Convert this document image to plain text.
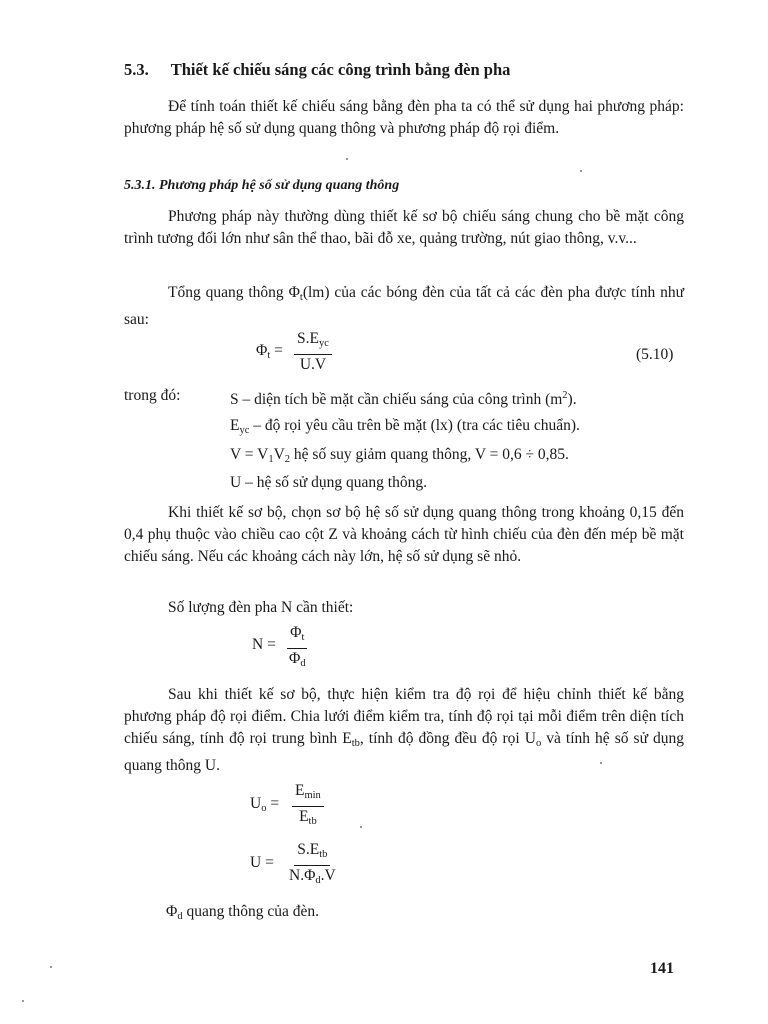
5.3. Thiết kế chiếu sáng các công trình bằng đèn pha
Để tính toán thiết kế chiếu sáng bằng đèn pha ta có thể sử dụng hai phương pháp: phương pháp hệ số sử dụng quang thông và phương pháp độ rọi điểm.
5.3.1. Phương pháp hệ số sử dụng quang thông
Phương pháp này thường dùng thiết kế sơ bộ chiếu sáng chung cho bề mặt công trình tương đối lớn như sân thể thao, bãi đỗ xe, quảng trường, nút giao thông, v.v...
Tổng quang thông $\Phi_t(lm)$ của các bóng đèn của tất cả các đèn pha được tính như sau:
$\Phi_t$ =
$S.E_{yc}$
U.V
(5.10)
trong đó:	S – diện tích bề mặt cần chiếu sáng của công trình $(m^2)$.
$E_{yc}$ – độ rọi yêu cầu trên bề mặt (lx) (tra các tiêu chuẩn).
$V = V_1V_2$ hệ số suy giảm quang thông, V = 0,6 ÷ 0,85.
U – hệ số sử dụng quang thông.
Khi thiết kế sơ bộ, chọn sơ bộ hệ số sử dụng quang thông trong khoảng 0,15 đến 0,4 phụ thuộc vào chiều cao cột Z và khoảng cách từ hình chiếu của đèn đến mép bề mặt chiếu sáng. Nếu các khoảng cách này lớn, hệ số sử dụng sẽ nhỏ.
Số lượng đèn pha N cần thiết:
$N = \frac{\Phi_t}{\Phi_d}$
Sau khi thiết kế sơ bộ, thực hiện kiểm tra độ rọi để hiệu chỉnh thiết kế bằng phương pháp độ rọi điểm. Chia lưới điểm kiểm tra, tính độ rọi tại mỗi điểm trên diện tích chiếu sáng, tính độ rọi trung bình $E_{tb}$, tính độ đồng đều độ rọi $U_o$ và tính hệ số sử dụng quang thông U.
$U_o$ =
$E_{min}$
$E_{tb}$
U =
$S.E_{tb}$
$N.\Phi_d.V$
$\Phi_d$ quang thông của đèn.
141
